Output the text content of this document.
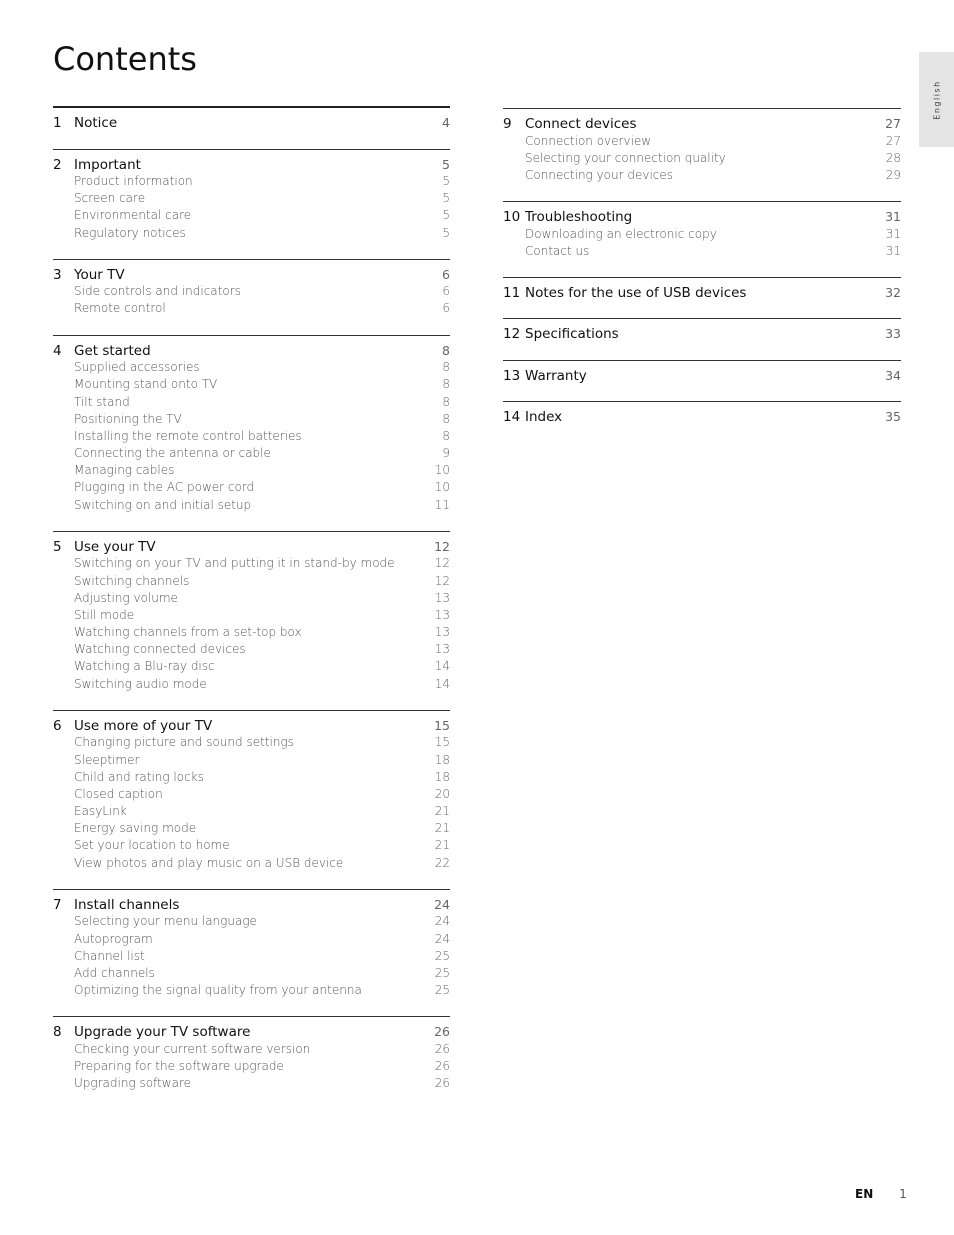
Contents
English
1 Notice	4
2 Important	5
Product information	5
Screen care	5
Environmental care	5
Regulatory notices	5
3 Your TV	6
Side controls and indicators	6
Remote control	6
4 Get started	8
Supplied accessories	8
Mounting stand onto TV	8
Tilt stand	8
Positioning the TV	8
Installing the remote control batteries	8
Connecting the antenna or cable	9
Managing cables	10
Plugging in the AC power cord	10
Switching on and initial setup	11
5 Use your TV	12
Switching on your TV and putting it in stand-by mode	12
Switching channels	12
Adjusting volume	13
Still mode	13
Watching channels from a set-top box	13
Watching connected devices	13
Watching a Blu-ray disc	14
Switching audio mode	14
6 Use more of your TV	15
Changing picture and sound settings	15
Sleeptimer	18
Child and rating locks	18
Closed caption	20
EasyLink	21
Energy saving mode	21
Set your location to home	21
View photos and play music on a USB device	22
7 Install channels	24
Selecting your menu language	24
Autoprogram	24
Channel list	25
Add channels	25
Optimizing the signal quality from your antenna	25
8 Upgrade your TV software	26
Checking your current software version	26
Preparing for the software upgrade	26
Upgrading software	26
9 Connect devices	27
Connection overview	27
Selecting your connection quality	28
Connecting your devices	29
10 Troubleshooting	31
Downloading an electronic copy	31
Contact us	31
11 Notes for the use of USB devices	32
12 Specifications	33
13 Warranty	34
14 Index	35
EN 1
